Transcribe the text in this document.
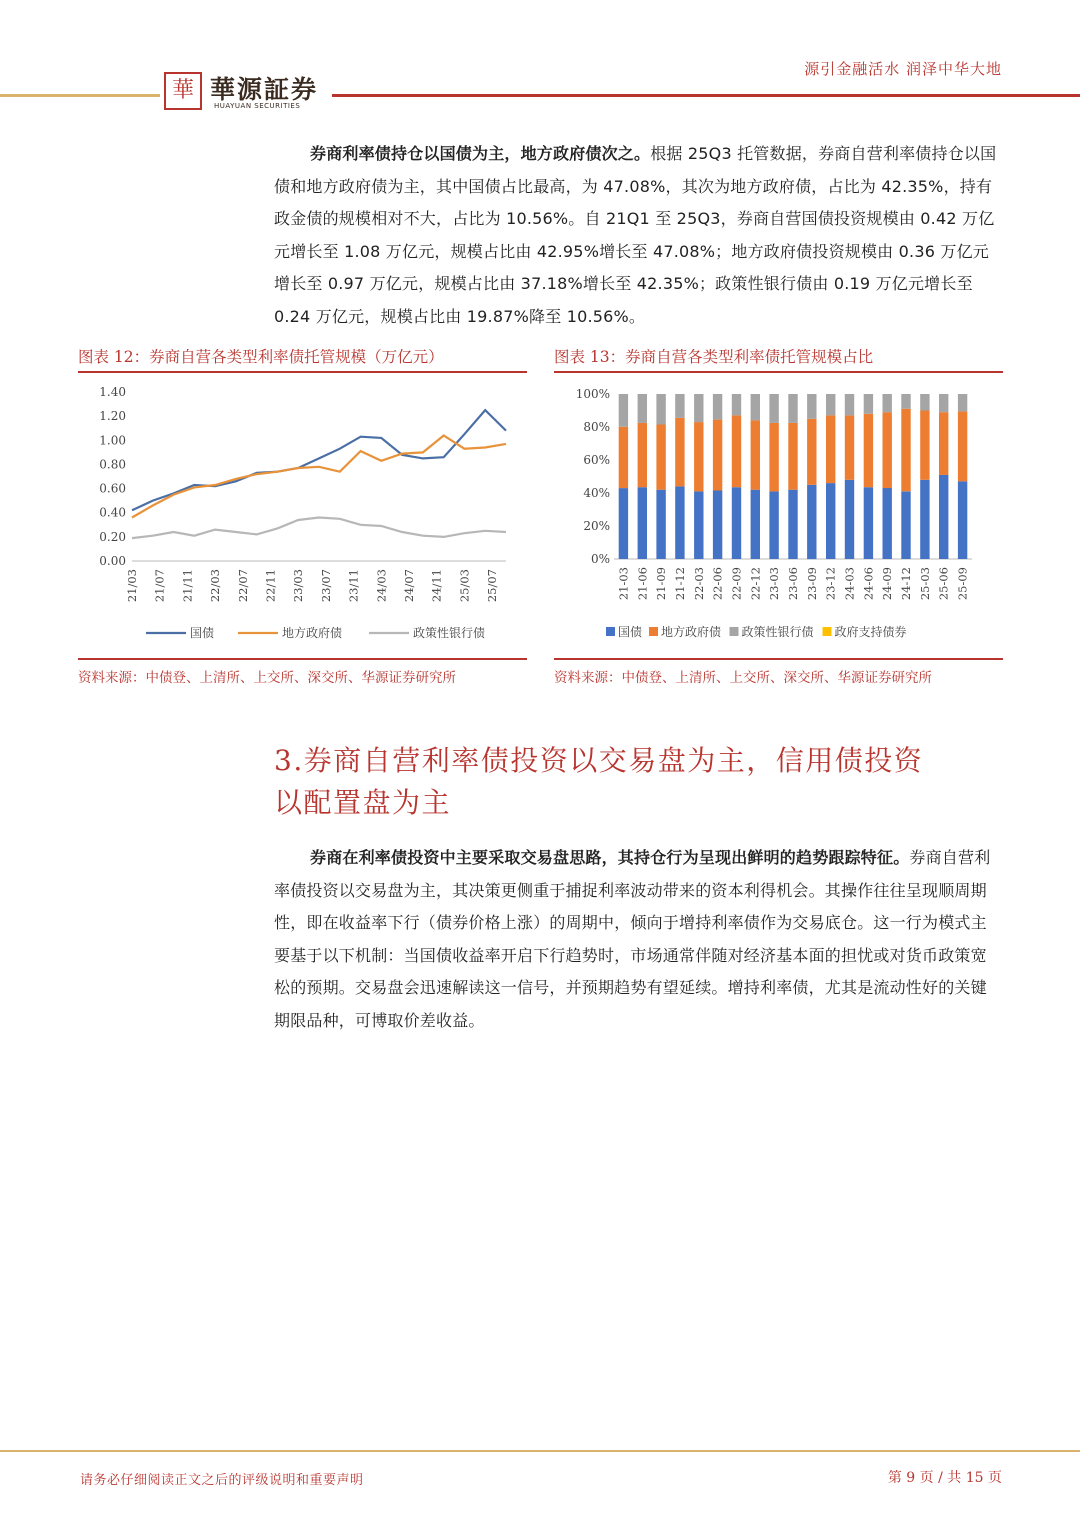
源引金融活水 润泽中华大地
華 華源証券
HUAYUAN SECURITIES
券商利率债持仓以国债为主，地方政府债次之。根据 25Q3 托管数据，券商自营利率债持仓以国债和地方政府债为主，其中国债占比最高，为 47.08%，其次为地方政府债，占比为 42.35%，持有政金债的规模相对不大，占比为 10.56%。自 21Q1 至 25Q3，券商自营国债投资规模由 0.42 万亿元增长至 1.08 万亿元，规模占比由 42.95%增长至 47.08%；地方政府债投资规模由 0.36 万亿元增长至 0.97 万亿元，规模占比由 37.18%增长至 42.35%；政策性银行债由 0.19 万亿元增长至 0.24 万亿元，规模占比由 19.87%降至 10.56%。
图表 12：券商自营各类型利率债托管规模（万亿元）
0.00
0.20
0.40
0.60
0.80
1.00
1.20
1.40
21/03 21/07 21/11 22/03 22/07 22/11 23/03 23/07 23/11 24/03 24/07 24/11 25/03 25/07
国债	地方政府债	政策性银行债
资料来源：中债登、上清所、上交所、深交所、华源证券研究所
图表 13：券商自营各类型利率债托管规模占比
0%
20%
40%
60%
80%
100%
21-03 21-06 21-09 21-12 22-03 22-06 22-09 22-12 23-03 23-06 23-09 23-12 24-03 24-06 24-09 24-12 25-03 25-06 25-09
国债 地方政府债 政策性银行债 政府支持债券
资料来源：中债登、上清所、上交所、深交所、华源证券研究所
3.券商自营利率债投资以交易盘为主，信用债投资
以配置盘为主
券商在利率债投资中主要采取交易盘思路，其持仓行为呈现出鲜明的趋势跟踪特征。券商自营利率债投资以交易盘为主，其决策更侧重于捕捉利率波动带来的资本利得机会。其操作往往呈现顺周期性，即在收益率下行（债券价格上涨）的周期中，倾向于增持利率债作为交易底仓。这一行为模式主要基于以下机制：当国债收益率开启下行趋势时，市场通常伴随对经济基本面的担忧或对货币政策宽松的预期。交易盘会迅速解读这一信号，并预期趋势有望延续。增持利率债，尤其是流动性好的关键期限品种，可博取价差收益。
请务必仔细阅读正文之后的评级说明和重要声明	第 9 页 / 共 15 页
